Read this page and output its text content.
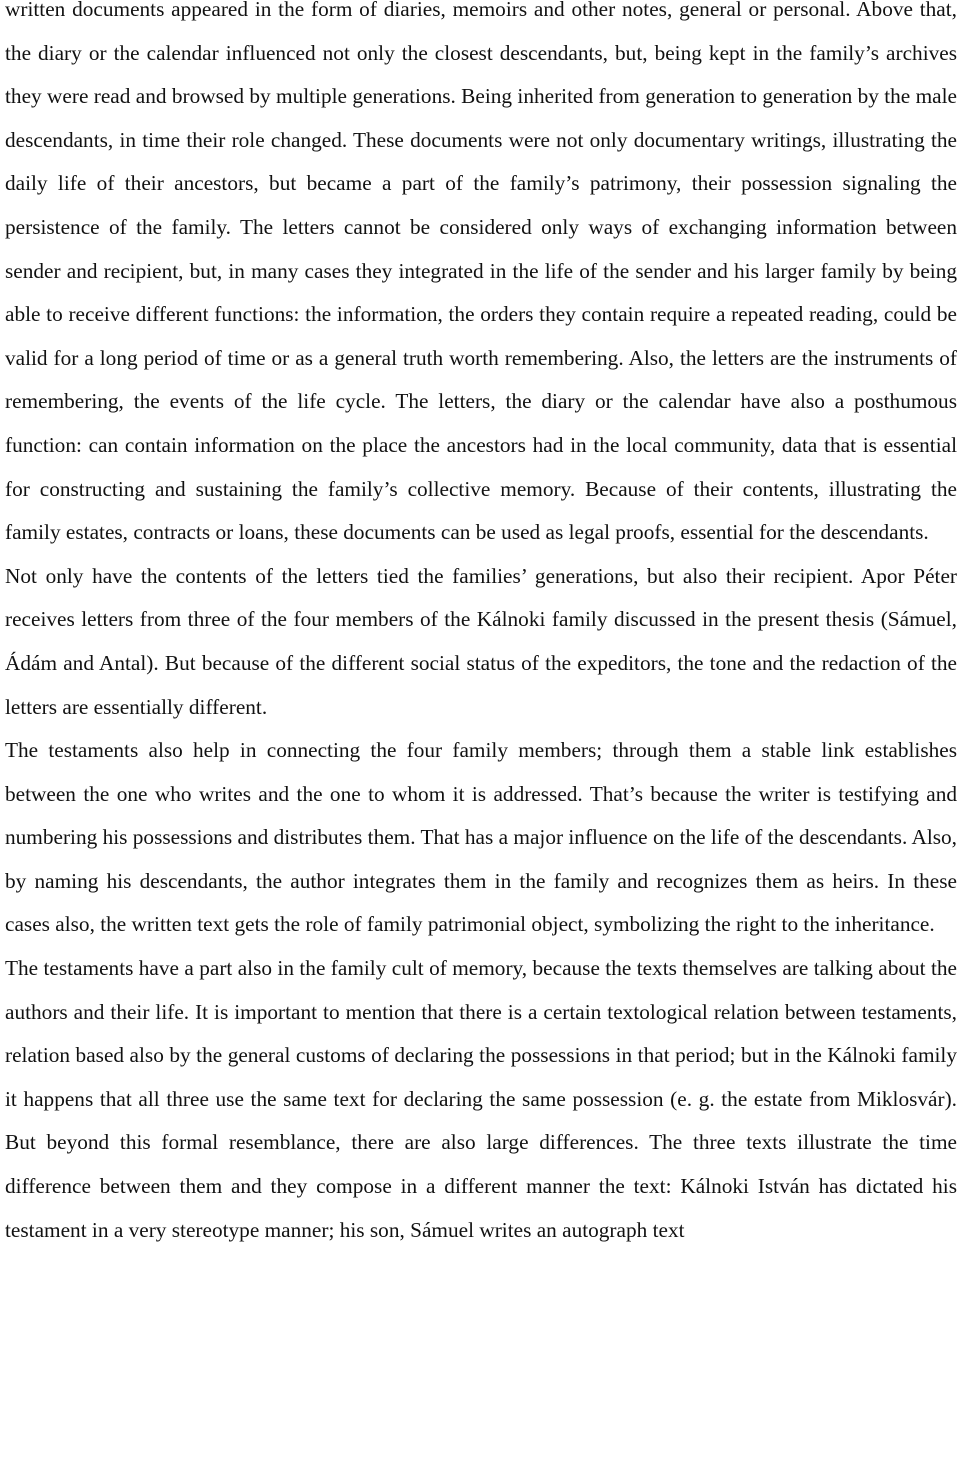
written documents appeared in the form of diaries, memoirs and other notes, general or personal. Above that, the diary or the calendar influenced not only the closest descendants, but, being kept in the family’s archives they were read and browsed by multiple generations. Being inherited from generation to generation by the male descendants, in time their role changed. These documents were not only documentary writings, illustrating the daily life of their ancestors, but became a part of the family’s patrimony, their possession signaling the persistence of the family. The letters cannot be considered only ways of exchanging information between sender and recipient, but, in many cases they integrated in the life of the sender and his larger family by being able to receive different functions: the information, the orders they contain require a repeated reading, could be valid for a long period of time or as a general truth worth remembering. Also, the letters are the instruments of remembering, the events of the life cycle. The letters, the diary or the calendar have also a posthumous function: can contain information on the place the ancestors had in the local community, data that is essential for constructing and sustaining the family’s collective memory. Because of their contents, illustrating the family estates, contracts or loans, these documents can be used as legal proofs, essential for the descendants.

Not only have the contents of the letters tied the families’ generations, but also their recipient. Apor Péter receives letters from three of the four members of the Kálnoki family discussed in the present thesis (Sámuel, Ádám and Antal). But because of the different social status of the expeditors, the tone and the redaction of the letters are essentially different.

The testaments also help in connecting the four family members; through them a stable link establishes between the one who writes and the one to whom it is addressed. That’s because the writer is testifying and numbering his possessions and distributes them. That has a major influence on the life of the descendants. Also, by naming his descendants, the author integrates them in the family and recognizes them as heirs. In these cases also, the written text gets the role of family patrimonial object, symbolizing the right to the inheritance.

The testaments have a part also in the family cult of memory, because the texts themselves are talking about the authors and their life. It is important to mention that there is a certain textological relation between testaments, relation based also by the general customs of declaring the possessions in that period; but in the Kálnoki family it happens that all three use the same text for declaring the same possession (e. g. the estate from Miklosvár). But beyond this formal resemblance, there are also large differences. The three texts illustrate the time difference between them and they compose in a different manner the text: Kálnoki István has dictated his testament in a very stereotype manner; his son, Sámuel writes an autograph text
